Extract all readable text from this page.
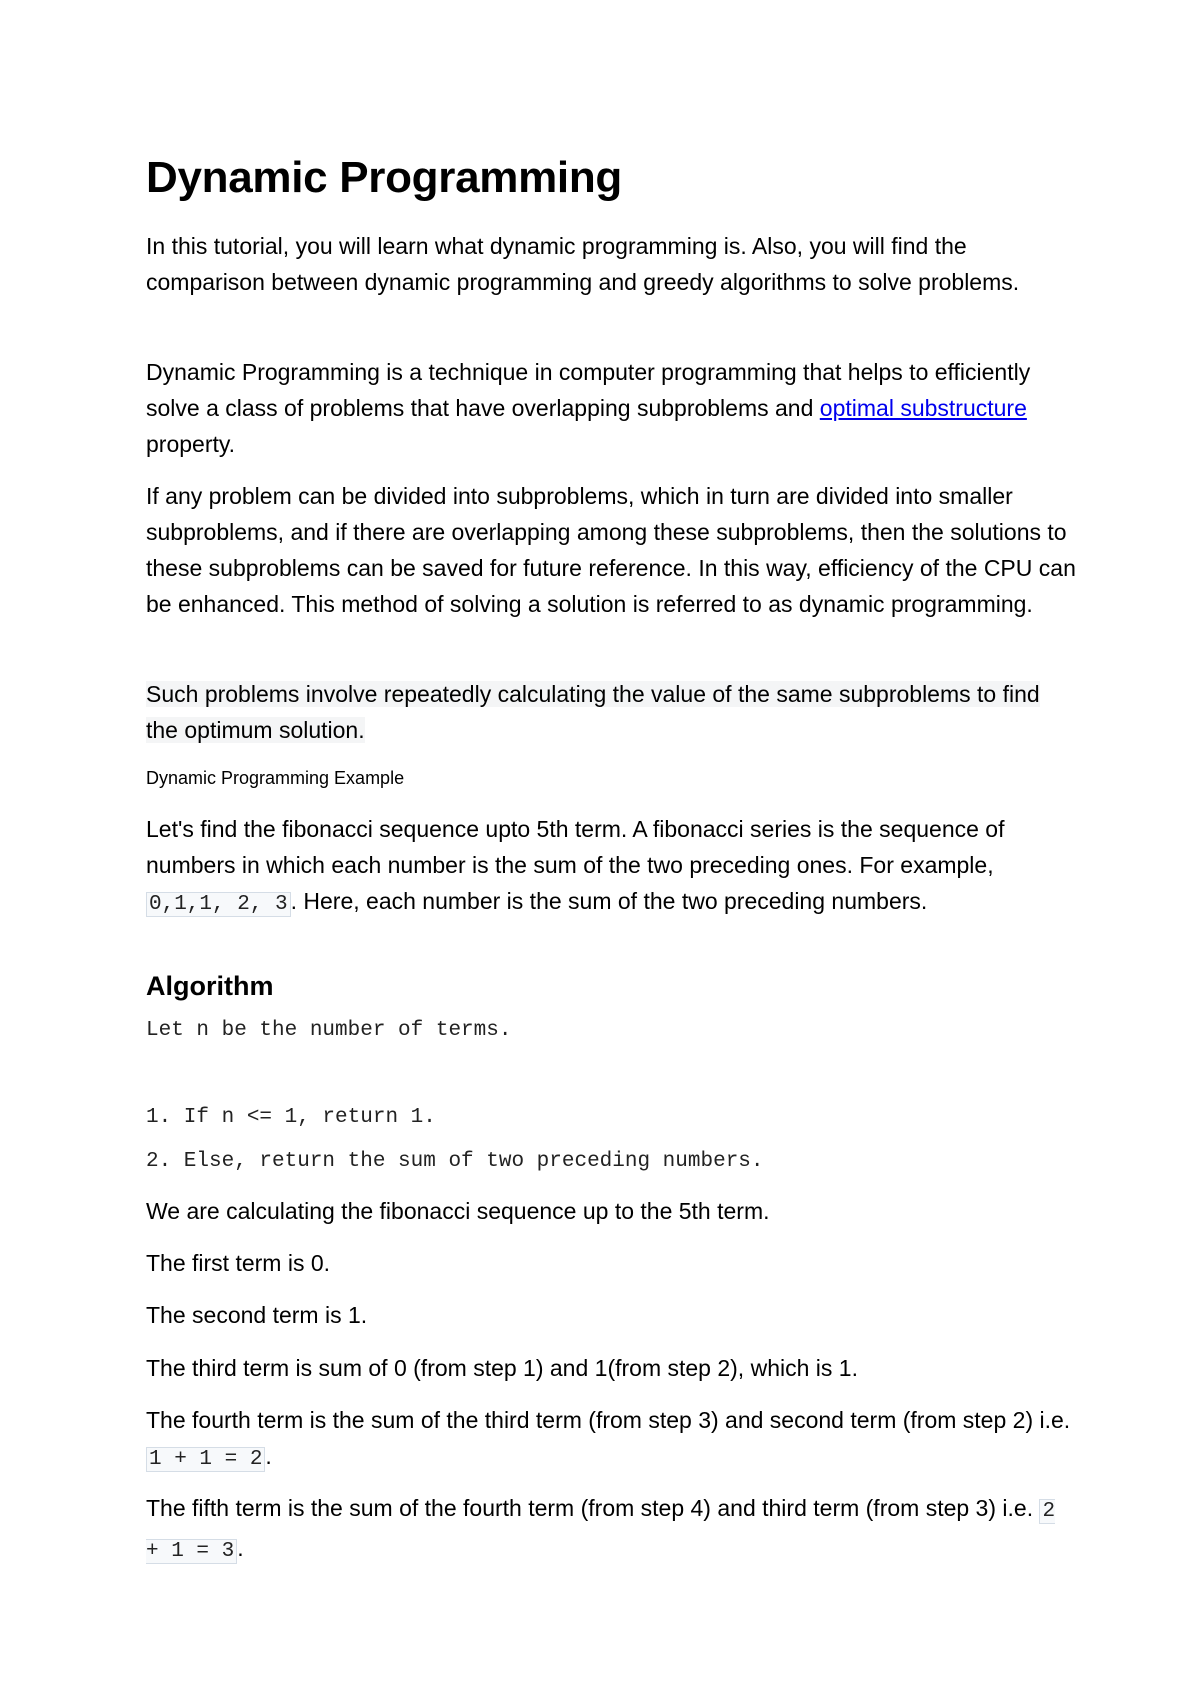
Dynamic Programming

In this tutorial, you will learn what dynamic programming is. Also, you will find the comparison between dynamic programming and greedy algorithms to solve problems.

Dynamic Programming is a technique in computer programming that helps to efficiently solve a class of problems that have overlapping subproblems and optimal substructure property.

If any problem can be divided into subproblems, which in turn are divided into smaller subproblems, and if there are overlapping among these subproblems, then the solutions to these subproblems can be saved for future reference. In this way, efficiency of the CPU can be enhanced. This method of solving a solution is referred to as dynamic programming.

Such problems involve repeatedly calculating the value of the same subproblems to find the optimum solution.

Dynamic Programming Example

Let's find the fibonacci sequence upto 5th term. A fibonacci series is the sequence of numbers in which each number is the sum of the two preceding ones. For example, 0,1,1, 2, 3 . Here, each number is the sum of the two preceding numbers.

Algorithm

Let n be the number of terms.

1. If n <= 1, return 1.

2. Else, return the sum of two preceding numbers.

We are calculating the fibonacci sequence up to the 5th term.

The first term is 0.

The second term is 1.

The third term is sum of 0 (from step 1) and 1(from step 2), which is 1.

The fourth term is the sum of the third term (from step 3) and second term (from step 2) i.e. 1 + 1 = 2 .

The fifth term is the sum of the fourth term (from step 4) and third term (from step 3) i.e. 2 + 1 = 3 .
